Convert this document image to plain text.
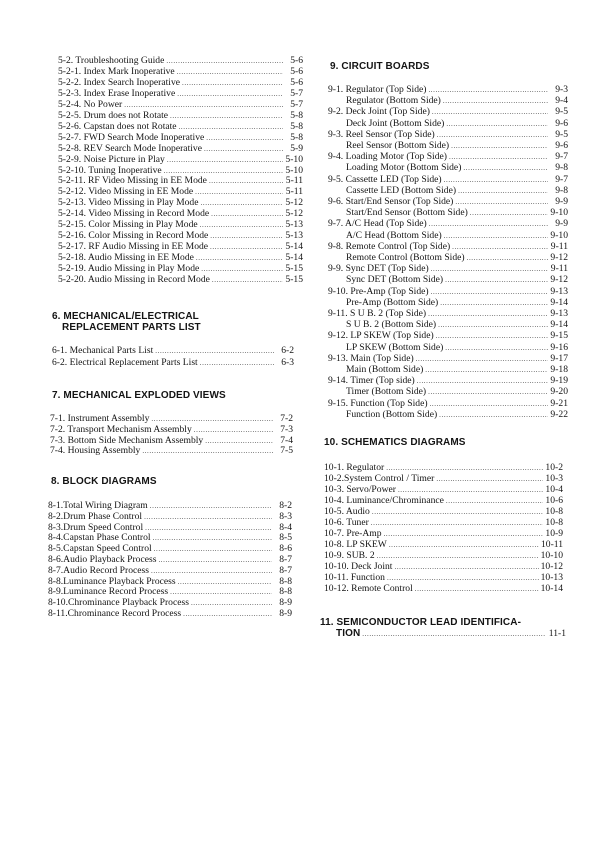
5-2. Troubleshooting Guide .....	5-6
5-2-1. Index Mark Inoperative .....	5-6
5-2-2. Index Search Inoperative .....	5-6
5-2-3. Index Erase Inoperative .....	5-7
5-2-4. No Power .....	5-7
5-2-5. Drum does not Rotate .....	5-8
5-2-6. Capstan does not Rotate .....	5-8
5-2-7. FWD Search Mode Inoperative .....	5-8
5-2-8. REV Search Mode Inoperative .....	5-9
5-2-9. Noise Picture in Play .....	5-10
5-2-10. Tuning Inoperative .....	5-10
5-2-11. RF Video Missing in EE Mode .....	5-11
5-2-12. Video Missing in EE Mode .....	5-11
5-2-13. Video Missing in Play Mode .....	5-12
5-2-14. Video Missing in Record Mode .....	5-12
5-2-15. Color Missing in Play Mode .....	5-13
5-2-16. Color Missing in Record Mode .....	5-13
5-2-17. RF Audio Missing in EE Mode .....	5-14
5-2-18. Audio Missing in EE Mode .....	5-14
5-2-19. Audio Missing in Play Mode .....	5-15
5-2-20. Audio Missing in Record Mode .....	5-15
6. MECHANICAL/ELECTRICAL
REPLACEMENT PARTS LIST
6-1. Mechanical Parts List .....	6-2
6-2. Electrical Replacement Parts List .....	6-3
7. MECHANICAL EXPLODED VIEWS
7-1. Instrument Assembly .....	7-2
7-2. Transport Mechanism Assembly .....	7-3
7-3. Bottom Side Mechanism Assembly .....	7-4
7-4. Housing Assembly .....	7-5
8. BLOCK DIAGRAMS
8-1.Total Wiring Diagram .....	8-2
8-2.Drum Phase Control .....	8-3
8-3.Drum Speed Control .....	8-4
8-4.Capstan Phase Control .....	8-5
8-5.Capstan Speed Control .....	8-6
8-6.Audio Playback Process .....	8-7
8-7.Audio Record Process .....	8-7
8-8.Luminance Playback Process .....	8-8
8-9.Luminance Record Process .....	8-8
8-10.Chrominance Playback Process .....	8-9
8-11.Chrominance Record Process .....	8-9
9. CIRCUIT BOARDS
9-1. Regulator (Top Side) .....	9-3
Regulator (Bottom Side) .....	9-4
9-2. Deck Joint (Top Side) .....	9-5
Deck Joint (Bottom Side) .....	9-6
9-3. Reel Sensor (Top Side) .....	9-5
Reel Sensor (Bottom Side) .....	9-6
9-4. Loading Motor (Top Side) .....	9-7
Loading Motor (Bottom Side) .....	9-8
9-5. Cassette LED (Top Side) .....	9-7
Cassette LED (Bottom Side) .....	9-8
9-6. Start/End Sensor (Top Side) .....	9-9
Start/End Sensor (Bottom Side) .....	9-10
9-7. A/C Head (Top Side) .....	9-9
A/C Head (Bottom Side) .....	9-10
9-8. Remote Control (Top Side) .....	9-11
Remote Control (Bottom Side) .....	9-12
9-9. Sync DET (Top Side) .....	9-11
Sync DET (Bottom Side) .....	9-12
9-10. Pre-Amp (Top Side) .....	9-13
Pre-Amp (Bottom Side) .....	9-14
9-11. S U B. 2 (Top Side) .....	9-13
S U B. 2 (Bottom Side) .....	9-14
9-12. LP SKEW (Top Side) .....	9-15
LP SKEW (Bottom Side) .....	9-16
9-13. Main (Top Side) .....	9-17
Main (Bottom Side) .....	9-18
9-14. Timer (Top side) .....	9-19
Timer (Bottom Side) .....	9-20
9-15. Function (Top Side) .....	9-21
Function (Bottom Side) .....	9-22
10. SCHEMATICS DIAGRAMS
10-1. Regulator .....	10-2
10-2.System Control / Timer .....	10-3
10-3. Servo/Power .....	10-4
10-4. Luminance/Chrominance .....	10-6
10-5. Audio .....	10-8
10-6. Tuner .....	10-8
10-7. Pre-Amp .....	10-9
10-8. LP SKEW .....	10-11
10-9. SUB. 2 .....	10-10
10-10. Deck Joint .....	10-12
10-11. Function .....	10-13
10-12. Remote Control .....	10-14
11. SEMICONDUCTOR LEAD IDENTIFICA-
TION .....	11-1
